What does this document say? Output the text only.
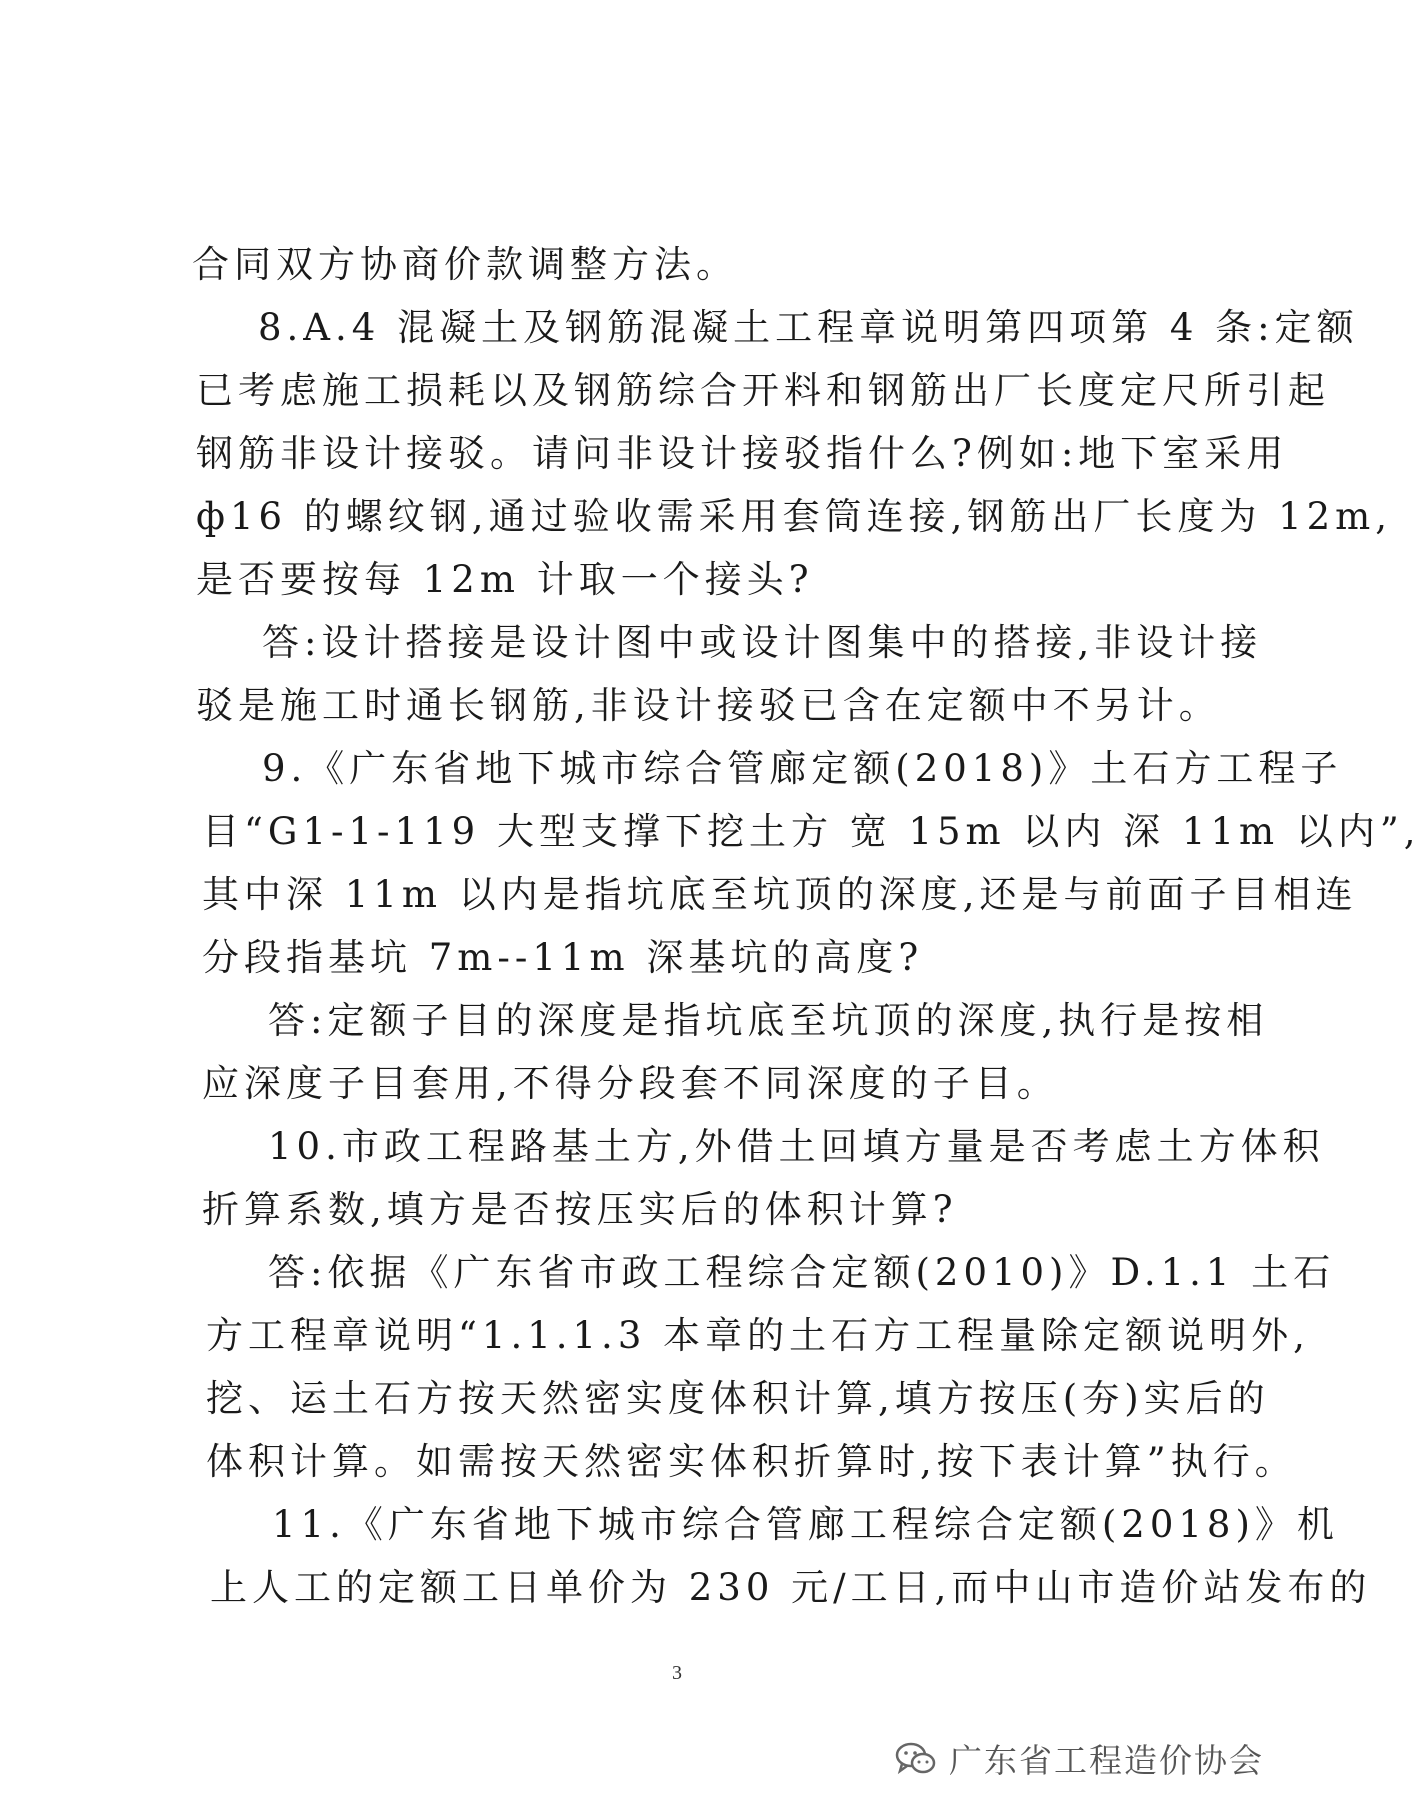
合同双方协商价款调整方法。
8.A.4 混凝土及钢筋混凝土工程章说明第四项第 4 条:定额
已考虑施工损耗以及钢筋综合开料和钢筋出厂长度定尺所引起
钢筋非设计接驳。请问非设计接驳指什么?例如:地下室采用
ф16 的螺纹钢,通过验收需采用套筒连接,钢筋出厂长度为 12m,
是否要按每 12m 计取一个接头?
答:设计搭接是设计图中或设计图集中的搭接,非设计接
驳是施工时通长钢筋,非设计接驳已含在定额中不另计。
9.《广东省地下城市综合管廊定额(2018)》土石方工程子
目“G1-1-119 大型支撑下挖土方 宽 15m 以内 深 11m 以内”,
其中深 11m 以内是指坑底至坑顶的深度,还是与前面子目相连
分段指基坑 7m--11m 深基坑的高度?
答:定额子目的深度是指坑底至坑顶的深度,执行是按相
应深度子目套用,不得分段套不同深度的子目。
10.市政工程路基土方,外借土回填方量是否考虑土方体积
折算系数,填方是否按压实后的体积计算?
答:依据《广东省市政工程综合定额(2010)》D.1.1 土石
方工程章说明“1.1.1.3 本章的土石方工程量除定额说明外,
挖、运土石方按天然密实度体积计算,填方按压(夯)实后的
体积计算。如需按天然密实体积折算时,按下表计算”执行。
11.《广东省地下城市综合管廊工程综合定额(2018)》机
上人工的定额工日单价为 230 元/工日,而中山市造价站发布的
3
广东省工程造价协会
